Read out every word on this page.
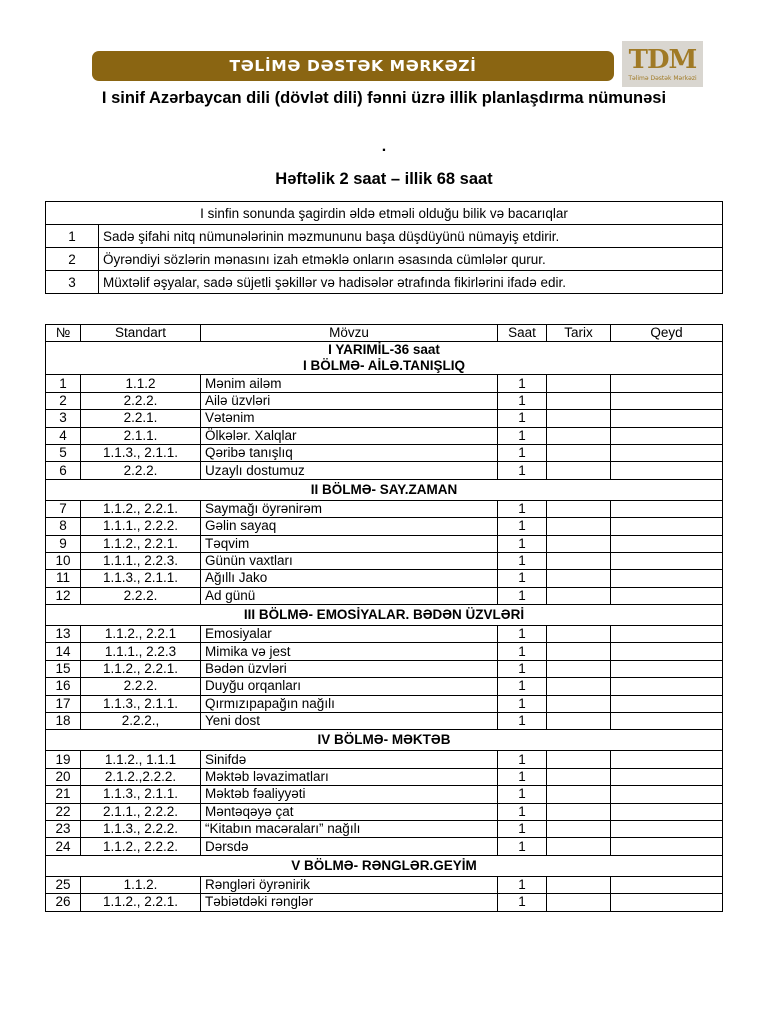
TƏLİMƏ DƏSTƏK MƏRKƏZİ	TDM
Təlimə Dəstək Mərkəzi
I sinif Azərbaycan dili (dövlət dili) fənni üzrə illik planlaşdırma nümunəsi
.
Həftəlik 2 saat – illik 68 saat
I sinfin sonunda şagirdin əldə etməli olduğu bilik və bacarıqlar	
1	Sadə şifahi nitq nümunələrinin məzmununu başa düşdüyünü nümayiş etdirir.
2	Öyrəndiyi sözlərin mənasını izah etməklə onların əsasında cümlələr qurur.
3	Müxtəlif əşyalar, sadə süjetli şəkillər və hadisələr ətrafında fikirlərini ifadə edir.
№	Standart	Mövzu	Saat	Tarix	Qeyd

I YARIMİL-36 saat
I BÖLMƏ- AİLƏ.TANIŞLIQ					

1	1.1.2	Mənim ailəm	1		
2	2.2.2.	Ailə üzvləri	1		
3	2.2.1.	Vətənim	1		
4	2.1.1.	Ölkələr. Xalqlar	1		
5	1.1.3., 2.1.1.	Qəribə tanışlıq	1		
6	2.2.2.	Uzaylı dostumuz	1		

II BÖLMƏ- SAY.ZAMAN					

7	1.1.2., 2.2.1.	Saymağı öyrənirəm	1		
8	1.1.1., 2.2.2.	Gəlin sayaq	1		
9	1.1.2., 2.2.1.	Təqvim	1		
10	1.1.1., 2.2.3.	Günün vaxtları	1		
11	1.1.3., 2.1.1.	Ağıllı Jako	1		
12	2.2.2.	Ad günü	1		

III BÖLMƏ- EMOSİYALAR. BƏDƏN ÜZVLƏRİ					

13	1.1.2., 2.2.1	Emosiyalar	1		
14	1.1.1., 2.2.3	Mimika və jest	1		
15	1.1.2., 2.2.1.	Bədən üzvləri	1		
16	2.2.2.	Duyğu orqanları	1		
17	1.1.3., 2.1.1.	Qırmızıpapağın nağılı	1		
18	2.2.2.,	Yeni dost	1		

IV BÖLMƏ- MƏKTƏB					

19	1.1.2., 1.1.1	Sinifdə	1		
20	2.1.2.,2.2.2.	Məktəb ləvazimatları	1		
21	1.1.3., 2.1.1.	Məktəb fəaliyyəti	1		
22	2.1.1., 2.2.2.	Məntəqəyə çat	1		
23	1.1.3., 2.2.2.	“Kitabın macəraları” nağılı	1		
24	1.1.2., 2.2.2.	Dərsdə	1		

V BÖLMƏ- RƏNGLƏR.GEYİM					

25	1.1.2.	Rəngləri öyrənirik	1		
26	1.1.2., 2.2.1.	Təbiətdəki rənglər	1		
